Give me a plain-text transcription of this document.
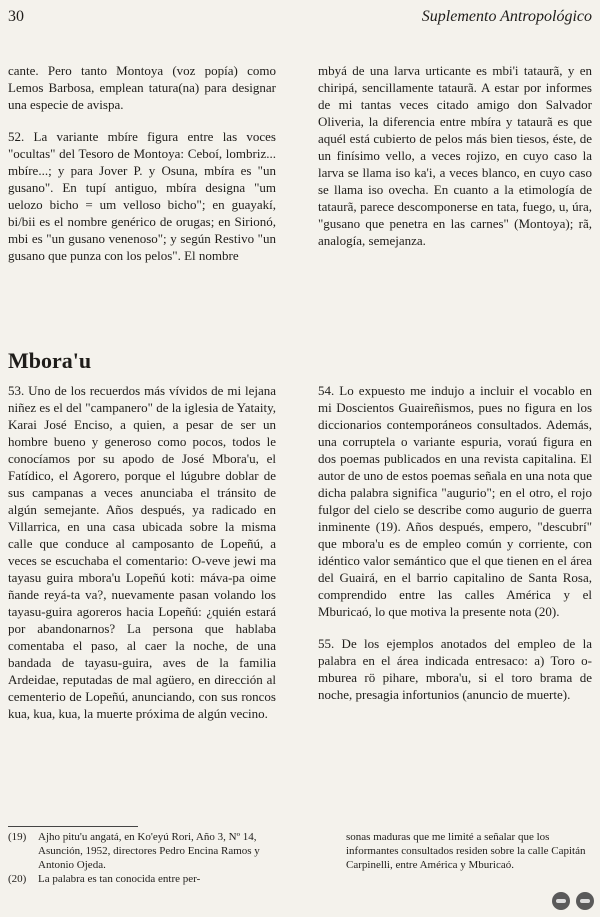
30	Suplemento Antropológico

cante. Pero tanto Montoya (voz popía) como Lemos Barbosa, emplean tatura(na) para designar una especie de avispa.

52. La variante mbíre figura entre las voces "ocultas" del Tesoro de Montoya: Ceboí, lombriz... mbíre...; y para Jover P. y Osuna, mbíra es "un gusano". En tupí antiguo, mbíra designa "um uelozo bicho = um velloso bicho"; en guayakí, bi/bii es el nombre genérico de orugas; en Sirionó, mbi es "un gusano venenoso"; y según Restivo "un gusano que punza con los pelos". El nombre

mbyá de una larva urticante es mbi'i tataurã, y en chiripá, sencillamente tataurã. A estar por informes de mi tantas veces citado amigo don Salvador Oliveria, la diferencia entre mbíra y tataurã es que aquél está cubierto de pelos más bien tiesos, éste, de un finísimo vello, a veces rojizo, en cuyo caso la larva se llama iso ka'i, a veces blanco, en cuyo caso se llama iso ovecha. En cuanto a la etimología de tataurã, parece descomponerse en tata, fuego, u, úra, "gusano que penetra en las carnes" (Montoya); rã, analogía, semejanza.

Mbora'u

53. Uno de los recuerdos más vívidos de mi lejana niñez es el del "campanero" de la iglesia de Yataity, Karai José Enciso, a quien, a pesar de ser un hombre bueno y generoso como pocos, todos le conocíamos por su apodo de José Mbora'u, el Fatídico, el Agorero, porque el lúgubre doblar de sus campanas a veces anunciaba el tránsito de algún semejante. Años después, ya radicado en Villarrica, en una casa ubicada sobre la misma calle que conduce al camposanto de Lopeñú, a veces se escuchaba el comentario: O-veve jewi ma tayasu guira mbora'u Lopeñú koti: máva-pa oime ñande reyá-ta va?, nuevamente pasan volando los tayasu-guira agoreros hacia Lopeñú: ¿quién estará por abandonarnos? La persona que hablaba comentaba el paso, al caer la noche, de una bandada de tayasu-guira, aves de la familia Ardeidae, reputadas de mal agüero, en dirección al cementerio de Lopeñú, anunciando, con sus roncos kua, kua, kua, la muerte próxima de algún vecino.

54. Lo expuesto me indujo a incluir el vocablo en mi Doscientos Guaireñismos, pues no figura en los diccionarios contemporáneos consultados. Además, una corruptela o variante espuria, voraú figura en dos poemas publicados en una revista capitalina. El autor de uno de estos poemas señala en una nota que dicha palabra significa "augurio"; en el otro, el rojo fulgor del cielo se describe como augurio de guerra inminente (19). Años después, empero, "descubrí" que mbora'u es de empleo común y corriente, con idéntico valor semántico que el que tienen en el área del Guairá, en el barrio capitalino de Santa Rosa, comprendido entre las calles América y el Mburicaó, lo que motiva la presente nota (20).

55. De los ejemplos anotados del empleo de la palabra en el área indicada entresaco: a) Toro o-mburea rö pihare, mbora'u, si el toro brama de noche, presagia infortunios (anuncio de muerte).

(19)	Ajho pitu'u angatá, en Ko'eyú Rori, Año 3, Nº 14, Asunción, 1952, directores Pedro Encina Ramos y Antonio Ojeda.
(20)	La palabra es tan conocida entre per-
sonas maduras que me limité a señalar que los informantes consultados residen sobre la calle Capitán Carpinelli, entre América y Mburicaó.
